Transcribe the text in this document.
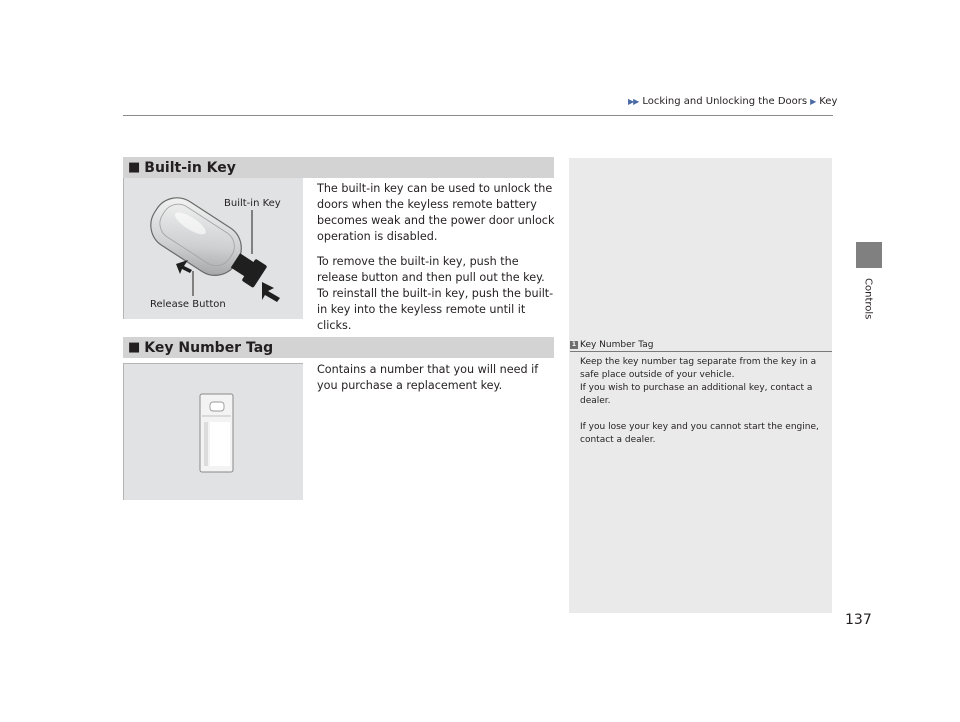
▶▶ Locking and Unlocking the Doors ▶ Key
Controls
■ Built-in Key
Built-in Key
Release Button

The built-in key can be used to unlock the doors when the keyless remote battery becomes weak and the power door unlock operation is disabled.

To remove the built-in key, push the release button and then pull out the key. To reinstall the built-in key, push the built-in key into the keyless remote until it clicks.

■ Key Number Tag

Contains a number that you will need if you purchase a replacement key.

1 Key Number Tag

Keep the key number tag separate from the key in a safe place outside of your vehicle.

If you wish to purchase an additional key, contact a dealer.

If you lose your key and you cannot start the engine, contact a dealer.

137
